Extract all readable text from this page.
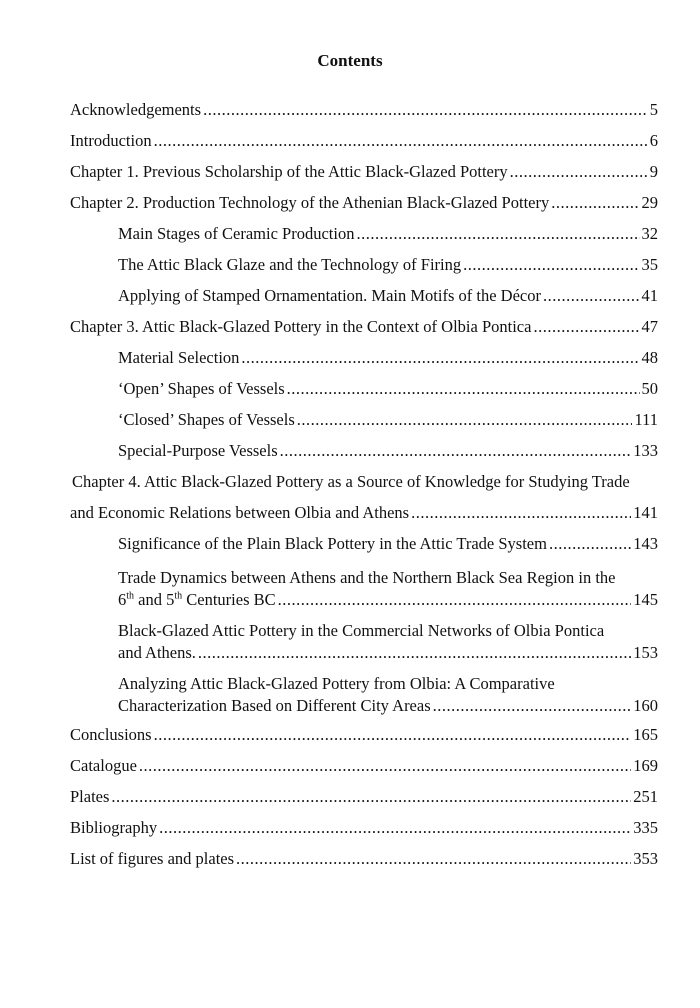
Contents
Acknowledgements .....	5
Introduction .....	6
Chapter 1. Previous Scholarship of the Attic Black-Glazed Pottery .....	9
Chapter 2. Production Technology of the Athenian Black-Glazed Pottery .....	29
Main Stages of Ceramic Production .....	32
The Attic Black Glaze and the Technology of Firing .....	35
Applying of Stamped Ornamentation. Main Motifs of the Décor .....	41
Chapter 3. Attic Black-Glazed Pottery in the Context of Olbia Pontica .....	47
Material Selection .....	48
‘Open’ Shapes of Vessels .....	50
‘Closed’ Shapes of Vessels .....	111
Special-Purpose Vessels .....	133
Chapter 4. Attic Black-Glazed Pottery as a Source of Knowledge for Studying Trade
and Economic Relations between Olbia and Athens .....	141
Significance of the Plain Black Pottery in the Attic Trade System .....	143
Trade Dynamics between Athens and the Northern Black Sea Region in the
6th and 5th Centuries BC .....	145
Black-Glazed Attic Pottery in the Commercial Networks of Olbia Pontica
and Athens. .....	153
Analyzing Attic Black-Glazed Pottery from Olbia: A Comparative
Characterization Based on Different City Areas .....	160
Conclusions .....	165
Catalogue .....	169
Plates .....	251
Bibliography .....	335
List of figures and plates .....	353
